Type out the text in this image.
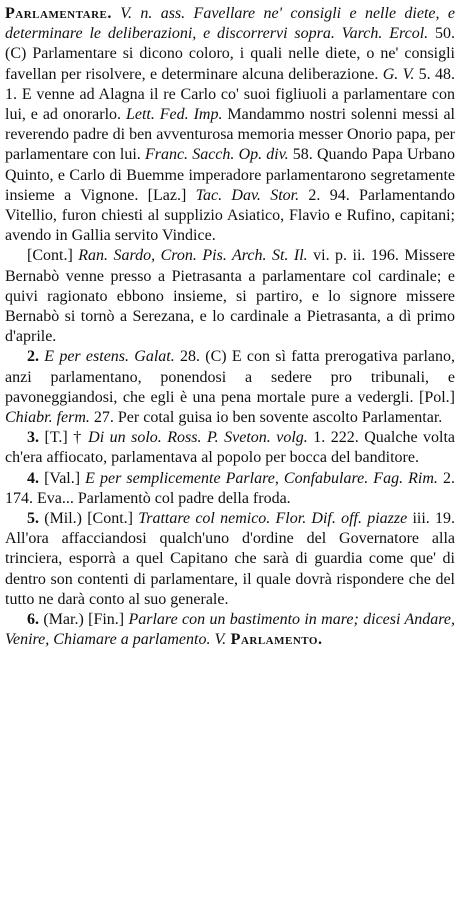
Parlamentare. V. n. ass. Favellare ne' consigli e nelle diete, e determinare le deliberazioni, e discorrervi sopra. Varch. Ercol. 50. (C) Parlamentare si dicono coloro, i quali nelle diete, o ne' consigli favellan per risolvere, e determinare alcuna deliberazione. G. V. 5. 48. 1. E venne ad Alagna il re Carlo co' suoi figliuoli a parlamentare con lui, e ad onorarlo. Lett. Fed. Imp. Mandammo nostri solenni messi al reverendo padre di ben avventurosa memoria messer Onorio papa, per parlamentare con lui. Franc. Sacch. Op. div. 58. Quando Papa Urbano Quinto, e Carlo di Buemme imperadore parlamentarono segretamente insieme a Vignone. [Laz.] Tac. Dav. Stor. 2. 94. Parlamentando Vitellio, furon chiesti al supplizio Asiatico, Flavio e Rufino, capitani; avendo in Gallia servito Vindice.

[Cont.] Ran. Sardo, Cron. Pis. Arch. St. Il. vi. p. ii. 196. Missere Bernabò venne presso a Pietrasanta a parlamentare col cardinale; e quivi ragionato ebbono insieme, si partiro, e lo signore missere Bernabò si tornò a Serezana, e lo cardinale a Pietrasanta, a dì primo d'aprile.

2. E per estens. Galat. 28. (C) E con sì fatta prerogativa parlano, anzi parlamentano, ponendosi a sedere pro tribunali, e pavoneggiandosi, che egli è una pena mortale pure a vedergli. [Pol.] Chiabr. ferm. 27. Per cotal guisa io ben sovente ascolto Parlamentar.

3. [T.] † Di un solo. Ross. P. Sveton. volg. 1. 222. Qualche volta ch'era affiocato, parlamentava al popolo per bocca del banditore.

4. [Val.] E per semplicemente Parlare, Confabulare. Fag. Rim. 2. 174. Eva... Parlamentò col padre della froda.

5. (Mil.) [Cont.] Trattare col nemico. Flor. Dif. off. piazze iii. 19. All'ora affacciandosi qualch'uno d'ordine del Governatore alla trinciera, esporrà a quel Capitano che sarà di guardia come que' di dentro son contenti di parlamentare, il quale dovrà rispondere che del tutto ne darà conto al suo generale.

6. (Mar.) [Fin.] Parlare con un bastimento in mare; dicesi Andare, Venire, Chiamare a parlamento. V. Parlamento.
